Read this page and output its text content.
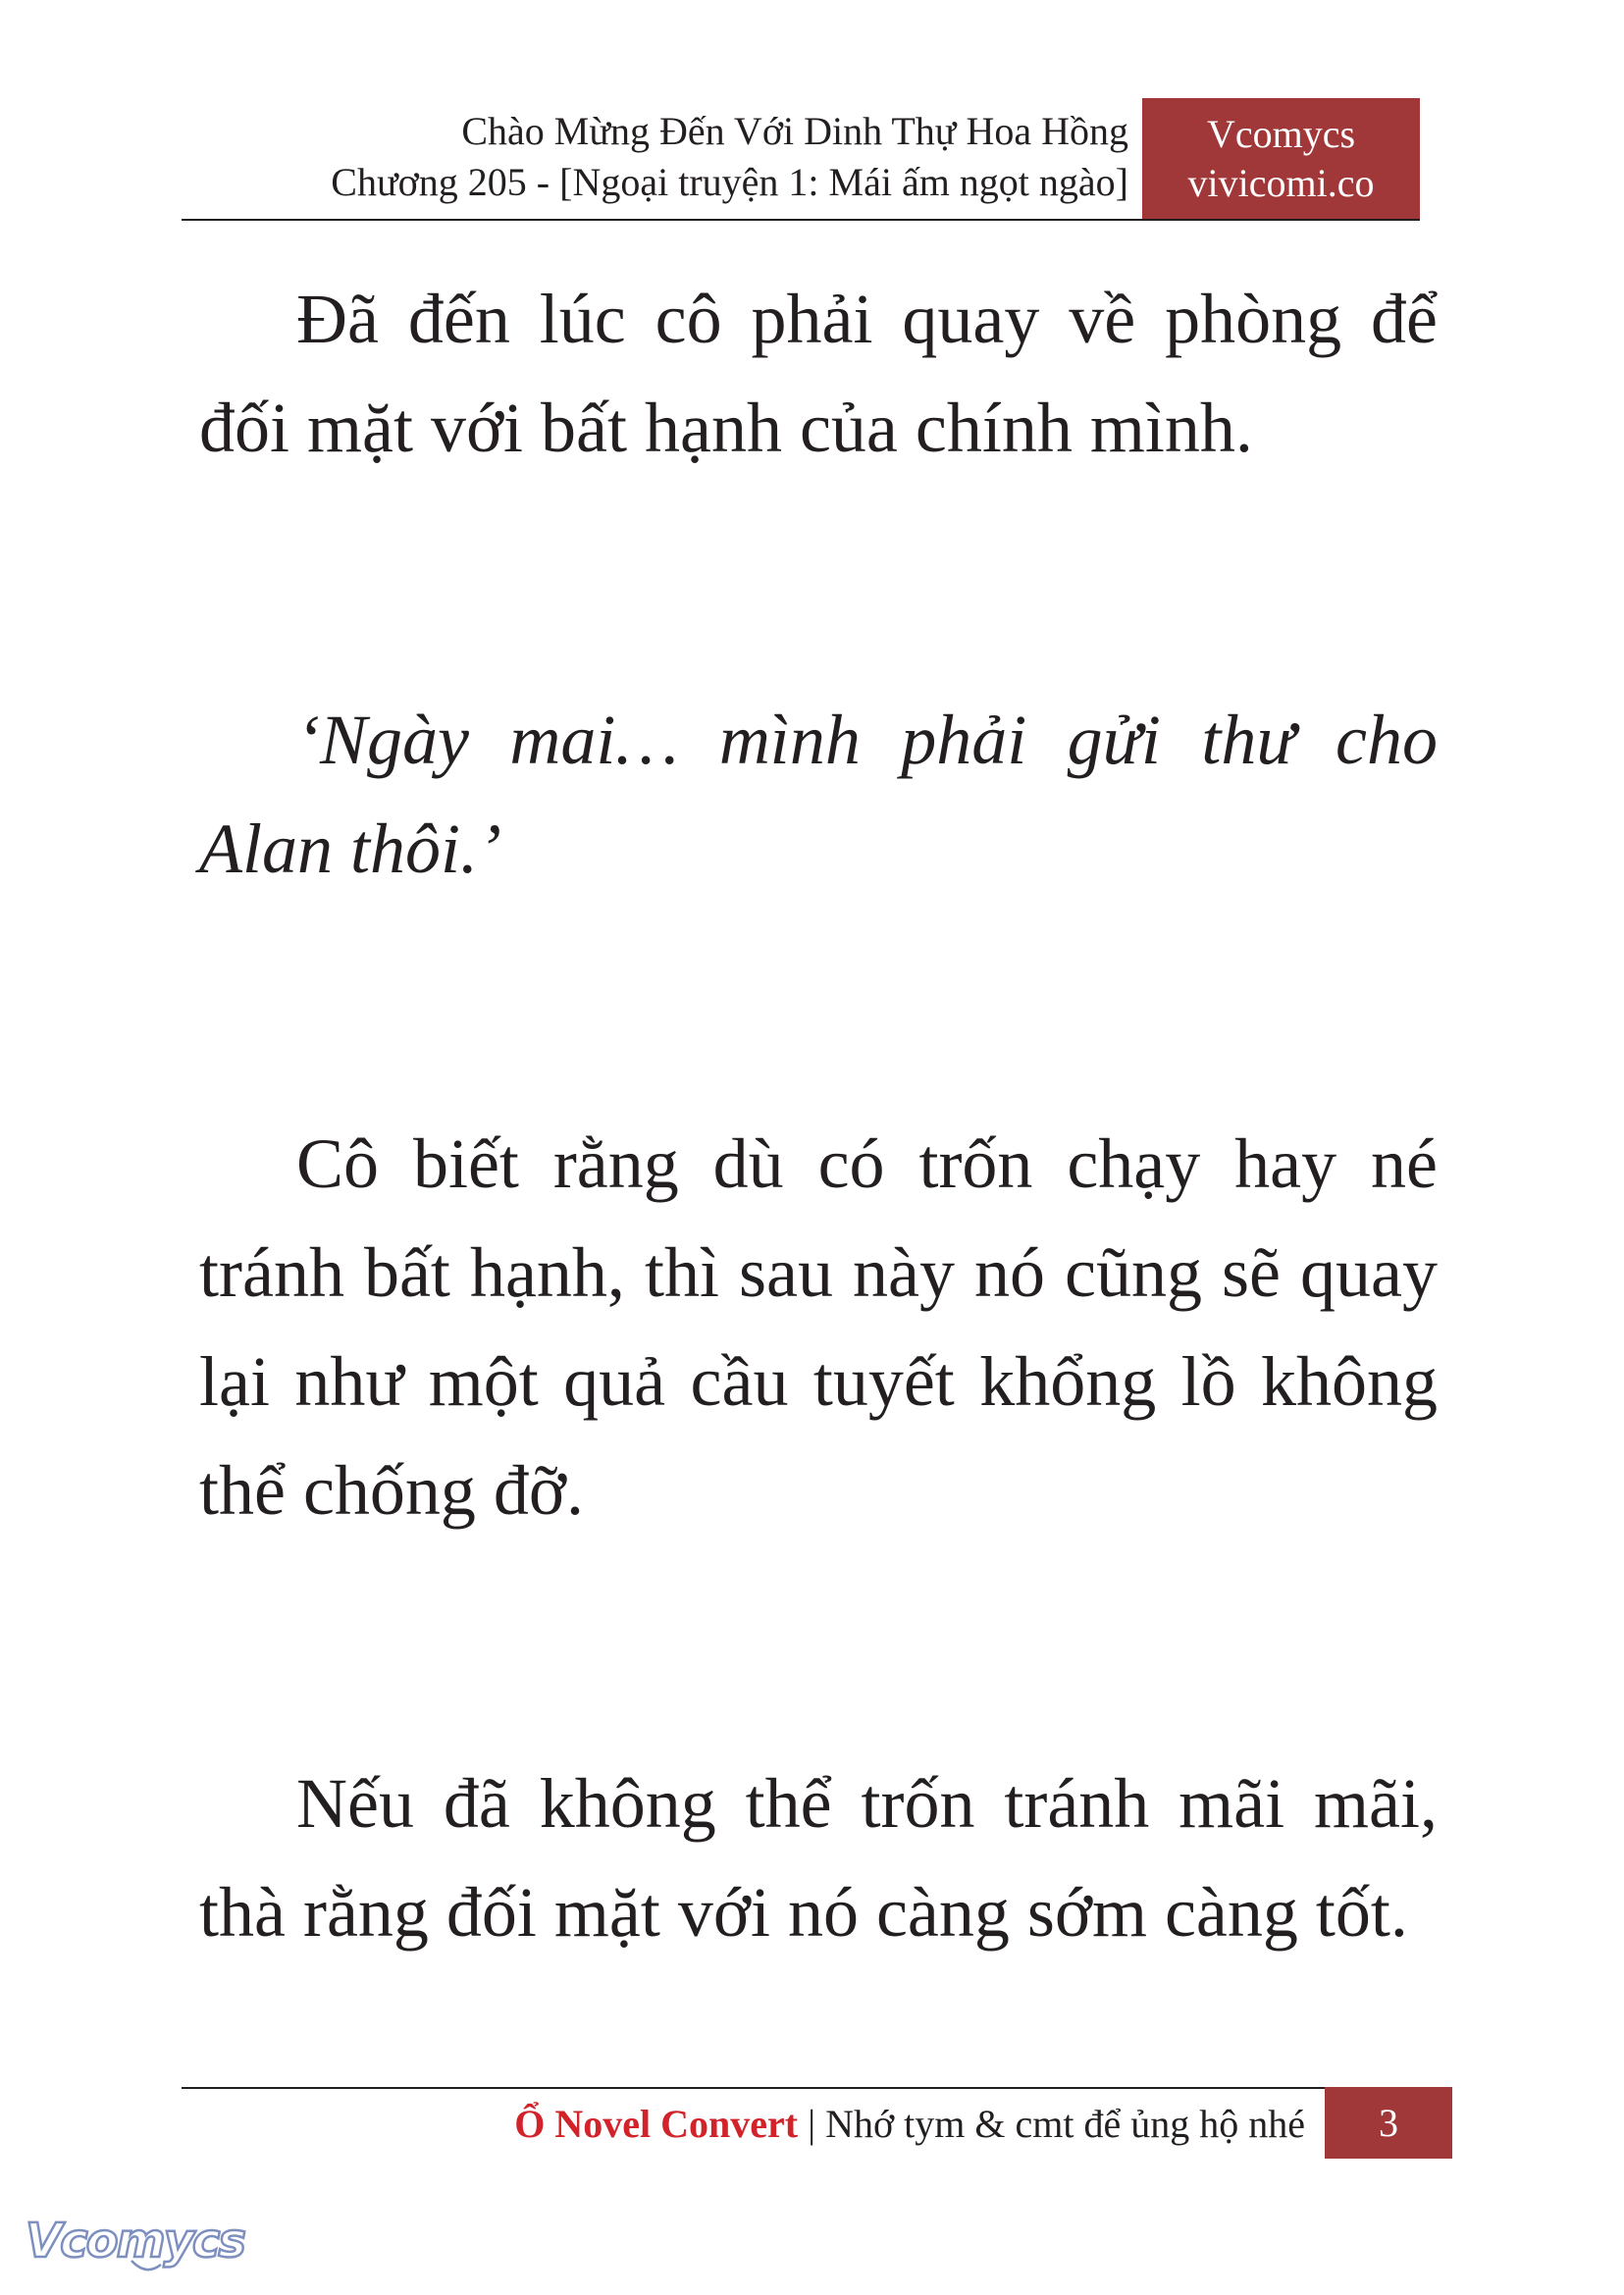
Chào Mừng Đến Với Dinh Thự Hoa Hồng
Chương 205 - [Ngoại truyện 1: Mái ấm ngọt ngào]
Vcomycs
vivicomi.co

Đã đến lúc cô phải quay về phòng để đối mặt với bất hạnh của chính mình.

‘Ngày mai… mình phải gửi thư cho Alan thôi.’

Cô biết rằng dù có trốn chạy hay né tránh bất hạnh, thì sau này nó cũng sẽ quay lại như một quả cầu tuyết khổng lồ không thể chống đỡ.

Nếu đã không thể trốn tránh mãi mãi, thà rằng đối mặt với nó càng sớm càng tốt.

Ổ Novel Convert | Nhớ tym & cmt để ủng hộ nhé	3
Vcomycs
